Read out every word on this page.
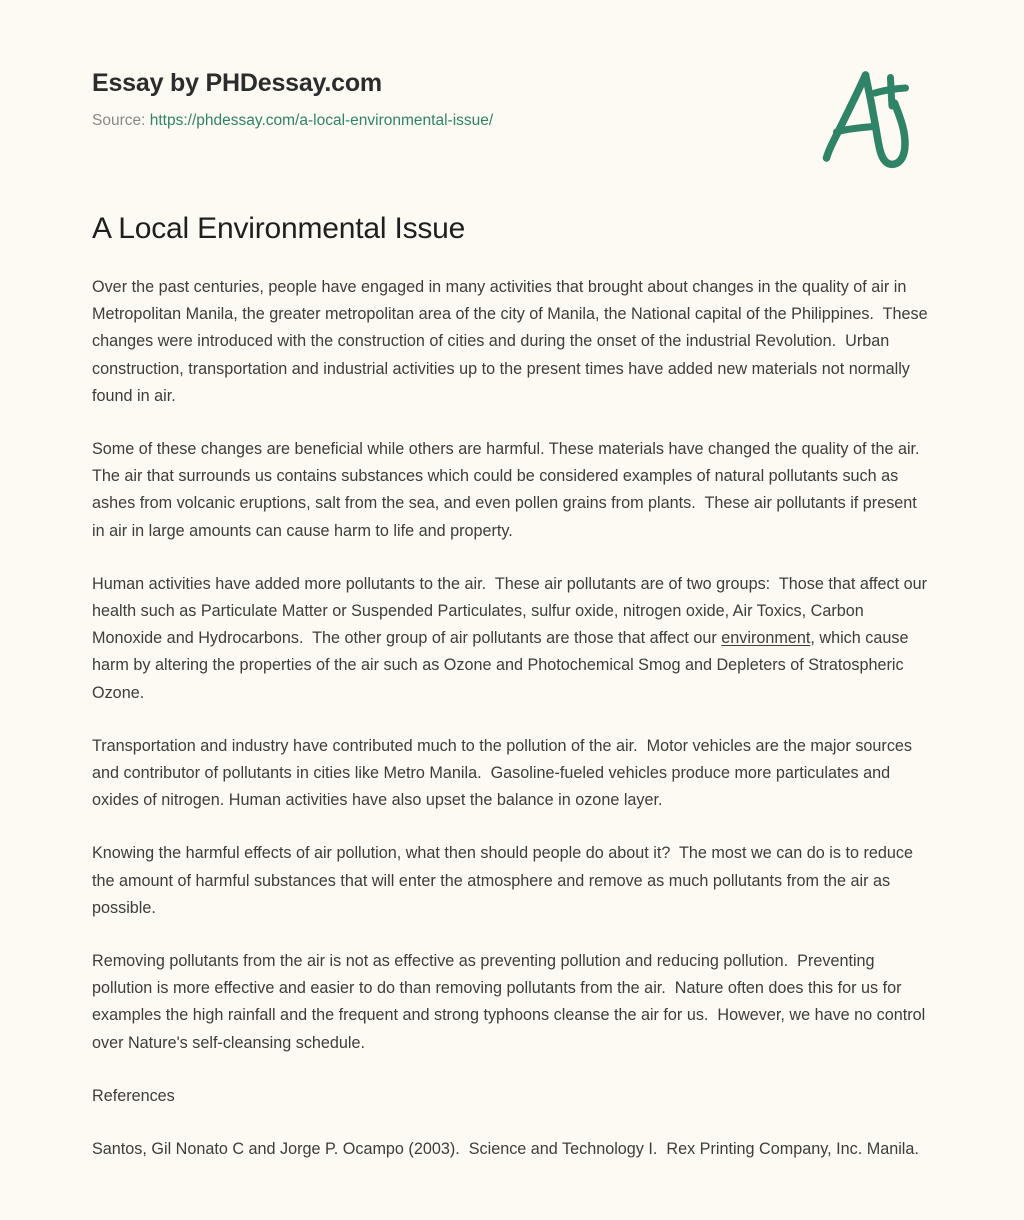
Essay by PHDessay.com
Source: https://phdessay.com/a-local-environmental-issue/
A Local Environmental Issue

Over the past centuries, people have engaged in many activities that brought about changes in the quality of air in Metropolitan Manila, the greater metropolitan area of the city of Manila, the National capital of the Philippines.  These changes were introduced with the construction of cities and during the onset of the industrial Revolution.  Urban construction, transportation and industrial activities up to the present times have added new materials not normally found in air.

Some of these changes are beneficial while others are harmful. These materials have changed the quality of the air.  The air that surrounds us contains substances which could be considered examples of natural pollutants such as ashes from volcanic eruptions, salt from the sea, and even pollen grains from plants.  These air pollutants if present in air in large amounts can cause harm to life and property.

Human activities have added more pollutants to the air.  These air pollutants are of two groups:  Those that affect our health such as Particulate Matter or Suspended Particulates, sulfur oxide, nitrogen oxide, Air Toxics, Carbon Monoxide and Hydrocarbons.  The other group of air pollutants are those that affect our environment, which cause harm by altering the properties of the air such as Ozone and Photochemical Smog and Depleters of Stratospheric Ozone.

Transportation and industry have contributed much to the pollution of the air.  Motor vehicles are the major sources and contributor of pollutants in cities like Metro Manila.  Gasoline-fueled vehicles produce more particulates and oxides of nitrogen. Human activities have also upset the balance in ozone layer.

Knowing the harmful effects of air pollution, what then should people do about it?  The most we can do is to reduce the amount of harmful substances that will enter the atmosphere and remove as much pollutants from the air as possible.

Removing pollutants from the air is not as effective as preventing pollution and reducing pollution.  Preventing pollution is more effective and easier to do than removing pollutants from the air.  Nature often does this for us for examples the high rainfall and the frequent and strong typhoons cleanse the air for us.  However, we have no control over Nature's self-cleansing schedule.

References

Santos, Gil Nonato C and Jorge P. Ocampo (2003).  Science and Technology I.  Rex Printing Company, Inc. Manila.
